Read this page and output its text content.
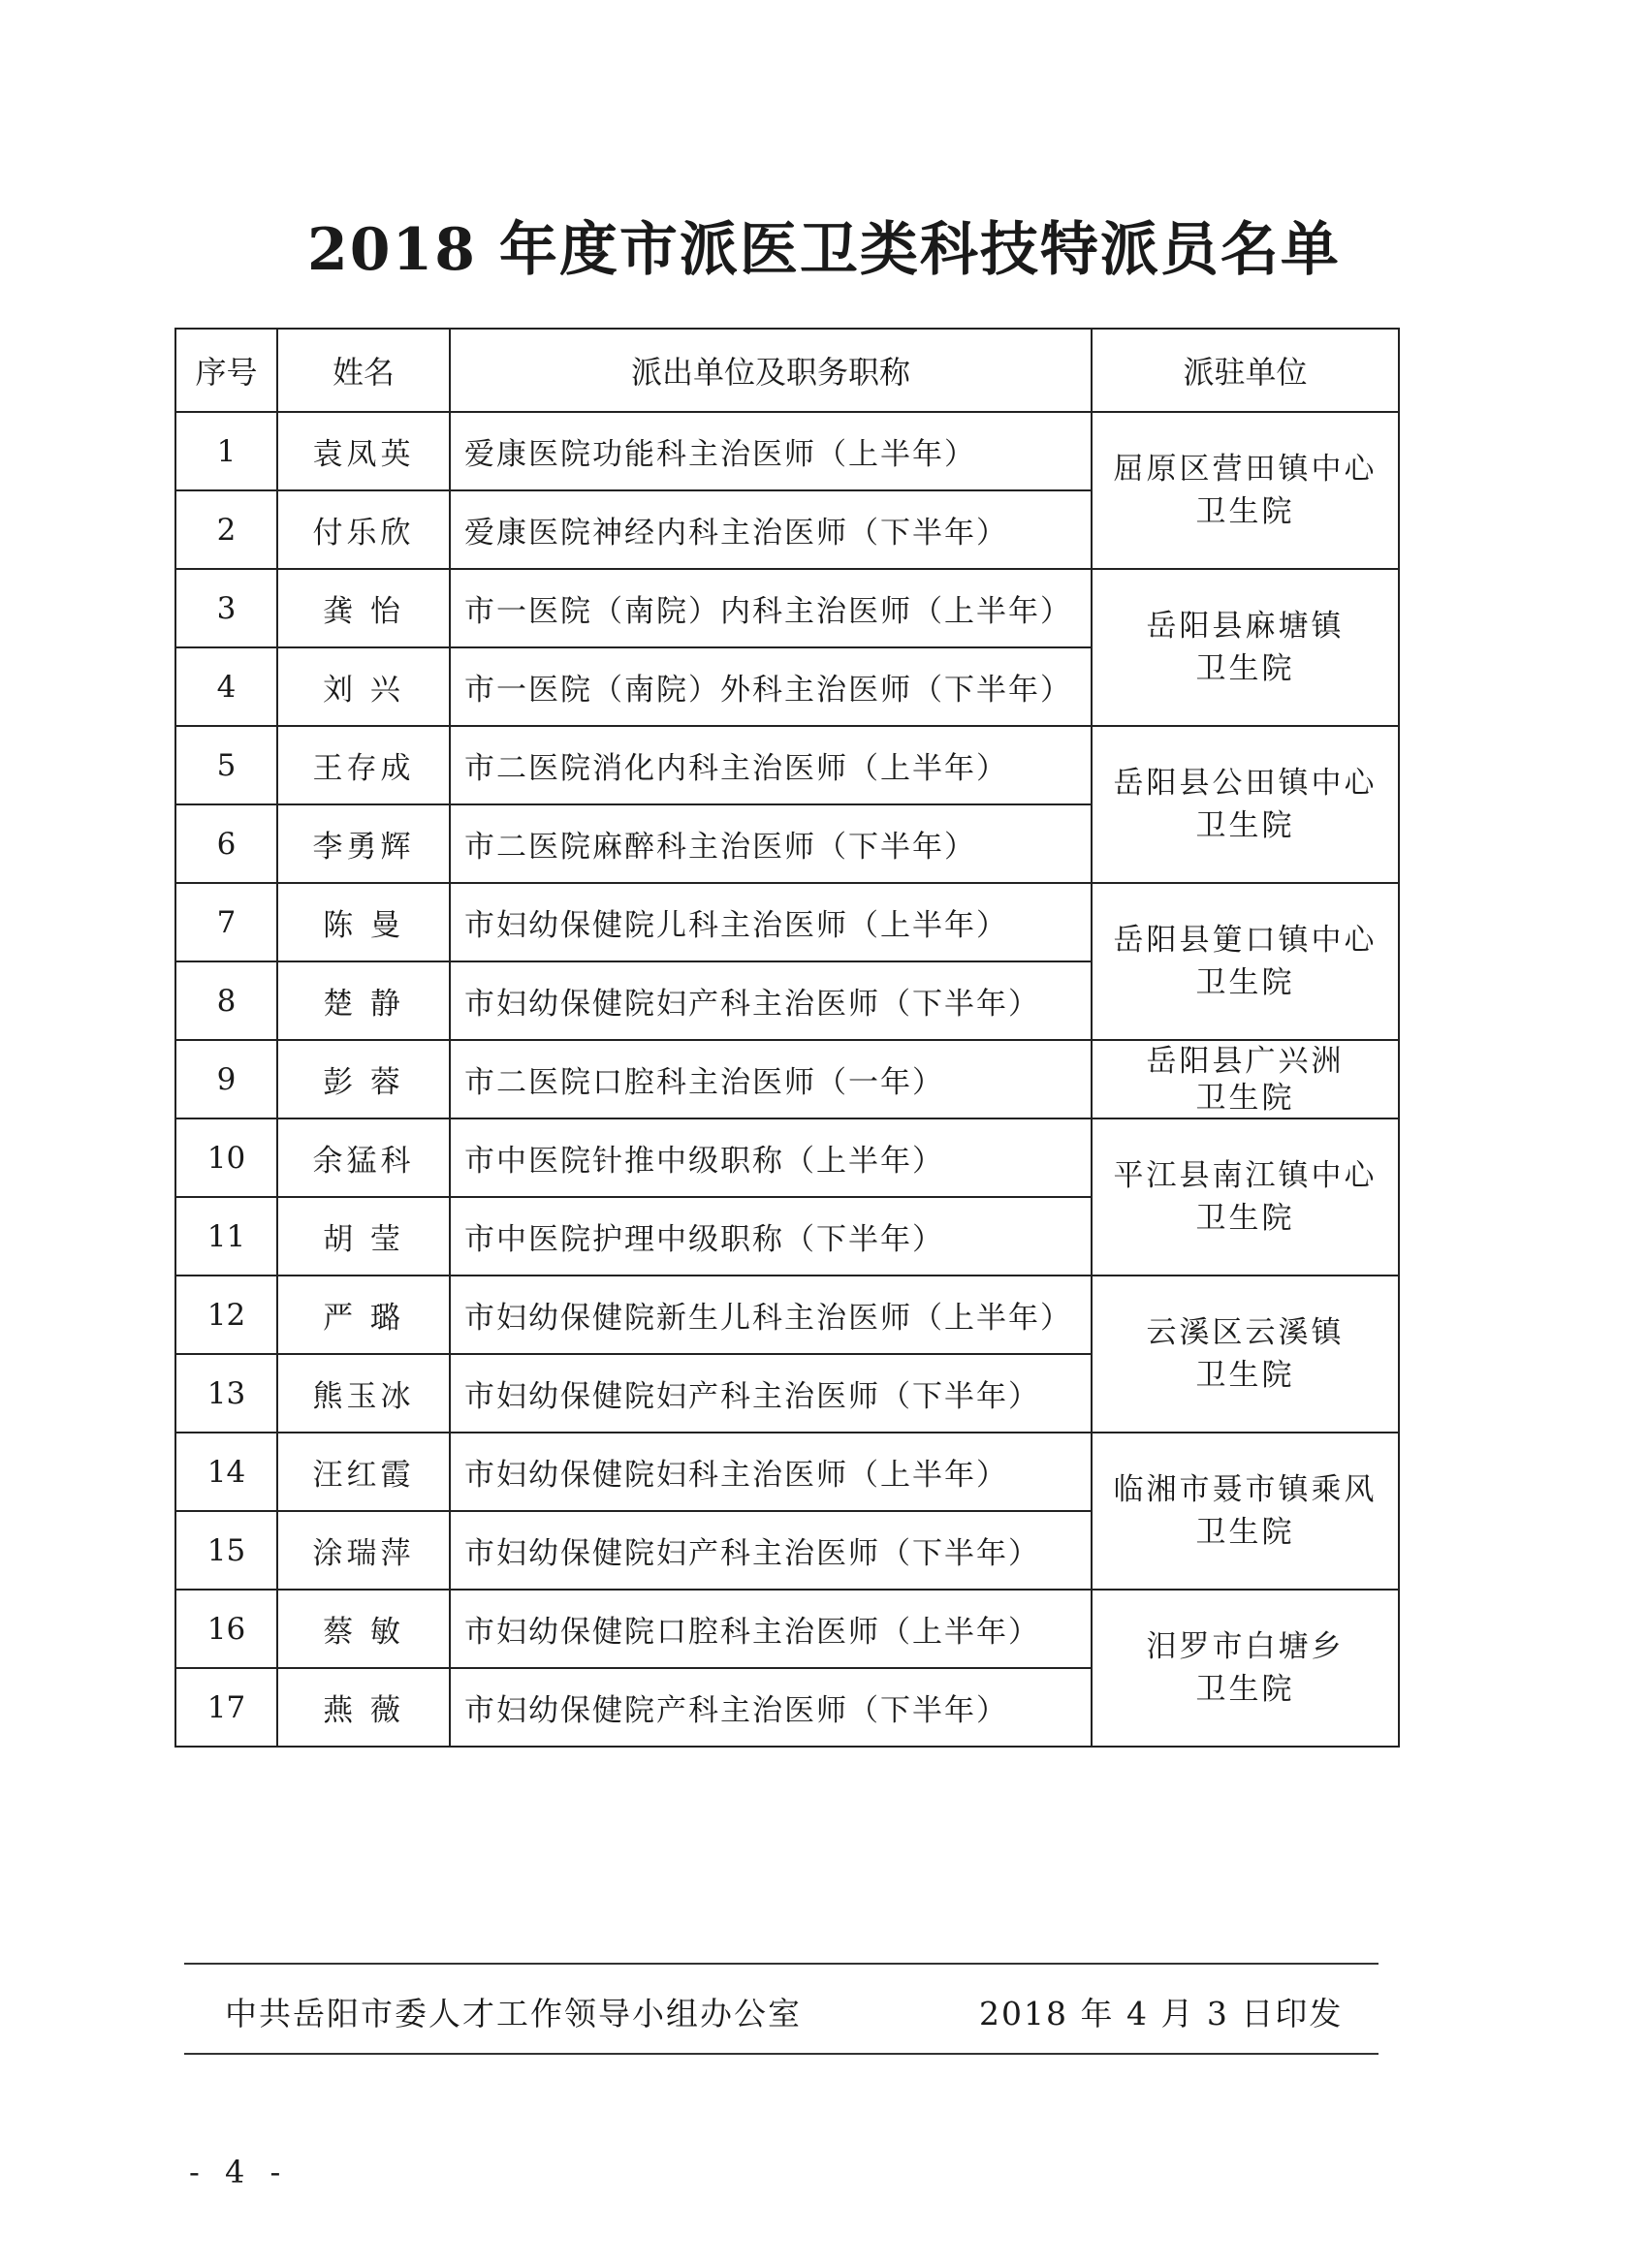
2018 年度市派医卫类科技特派员名单
序号	姓名	派出单位及职务职称	派驻单位
1	袁凤英	爱康医院功能科主治医师（上半年）	屈原区营田镇中心
卫生院

2	付乐欣	爱康医院神经内科主治医师（下半年）	
3	龚 怡	市一医院（南院）内科主治医师（上半年）	岳阳县麻塘镇
卫生院

4	刘 兴	市一医院（南院）外科主治医师（下半年）	
5	王存成	市二医院消化内科主治医师（上半年）	岳阳县公田镇中心
卫生院

6	李勇辉	市二医院麻醉科主治医师（下半年）	
7	陈 曼	市妇幼保健院儿科主治医师（上半年）	岳阳县筻口镇中心
卫生院

8	楚 静	市妇幼保健院妇产科主治医师（下半年）	
9	彭 蓉	市二医院口腔科主治医师（一年）	岳阳县广兴洲
卫生院

10	余猛科	市中医院针推中级职称（上半年）	平江县南江镇中心
卫生院

11	胡 莹	市中医院护理中级职称（下半年）	
12	严 璐	市妇幼保健院新生儿科主治医师（上半年）	云溪区云溪镇
卫生院

13	熊玉冰	市妇幼保健院妇产科主治医师（下半年）	
14	汪红霞	市妇幼保健院妇科主治医师（上半年）	临湘市聂市镇乘风
卫生院

15	涂瑞萍	市妇幼保健院妇产科主治医师（下半年）	
16	蔡 敏	市妇幼保健院口腔科主治医师（上半年）	汨罗市白塘乡
卫生院

17	燕 薇	市妇幼保健院产科主治医师（下半年）	
中共岳阳市委人才工作领导小组办公室	2018 年 4 月 3 日印发
- 4 -
